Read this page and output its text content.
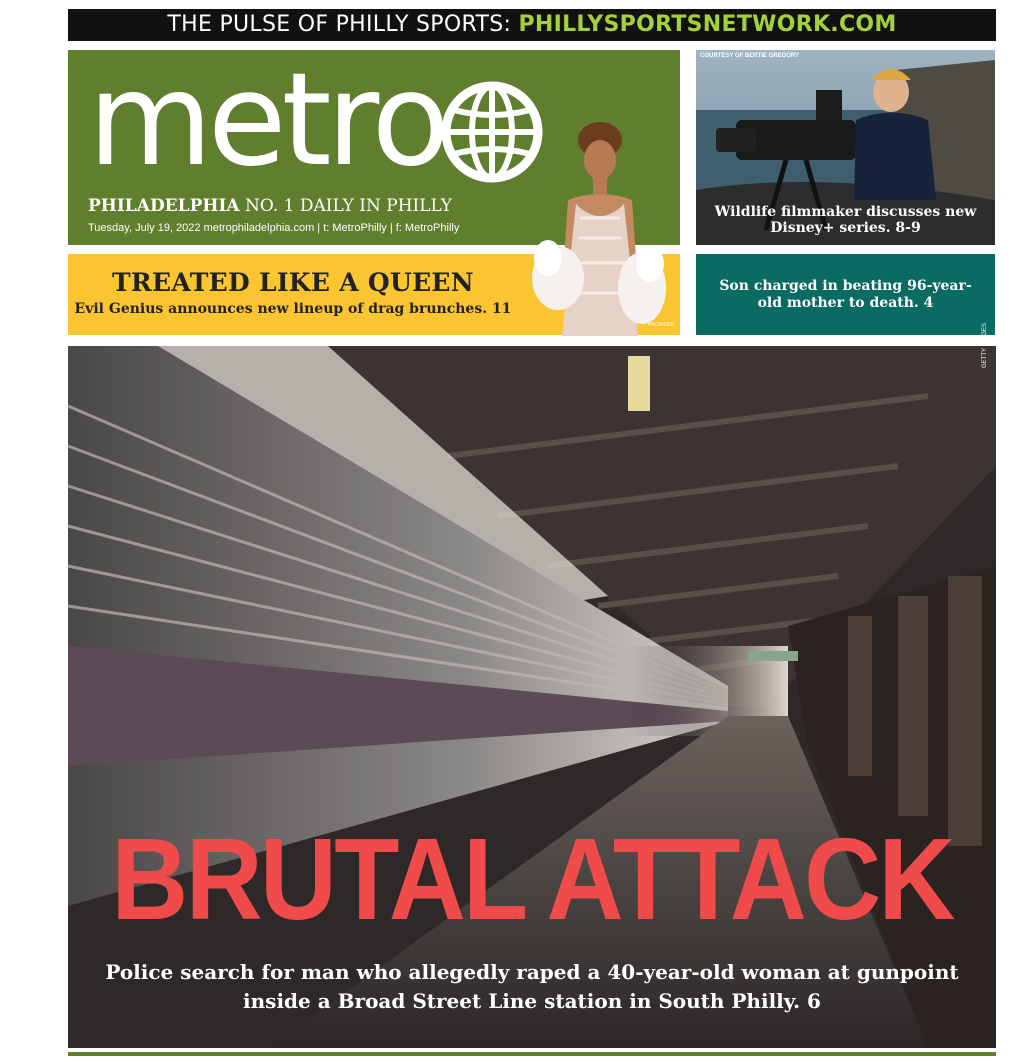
THE PULSE OF PHILLY SPORTS: PHILLYSPORTSNETWORK.COM
metro
PHILADELPHIA NO. 1 DAILY IN PHILLY
Tuesday, July 19, 2022 metrophiladelphia.com | t: MetroPhilly | f: MetroPhilly
TREATED LIKE A QUEEN
Evil Genius announces new lineup of drag brunches. 11
PROVIDED
COURTESY OF BERTIE GREGORY
Wildlife filmmaker discusses new Disney+ series. 8-9
Son charged in beating 96-year-old mother to death. 4
GETTY IMAGES
BRUTAL ATTACK
Police search for man who allegedly raped a 40-year-old woman at gunpoint inside a Broad Street Line station in South Philly. 6
